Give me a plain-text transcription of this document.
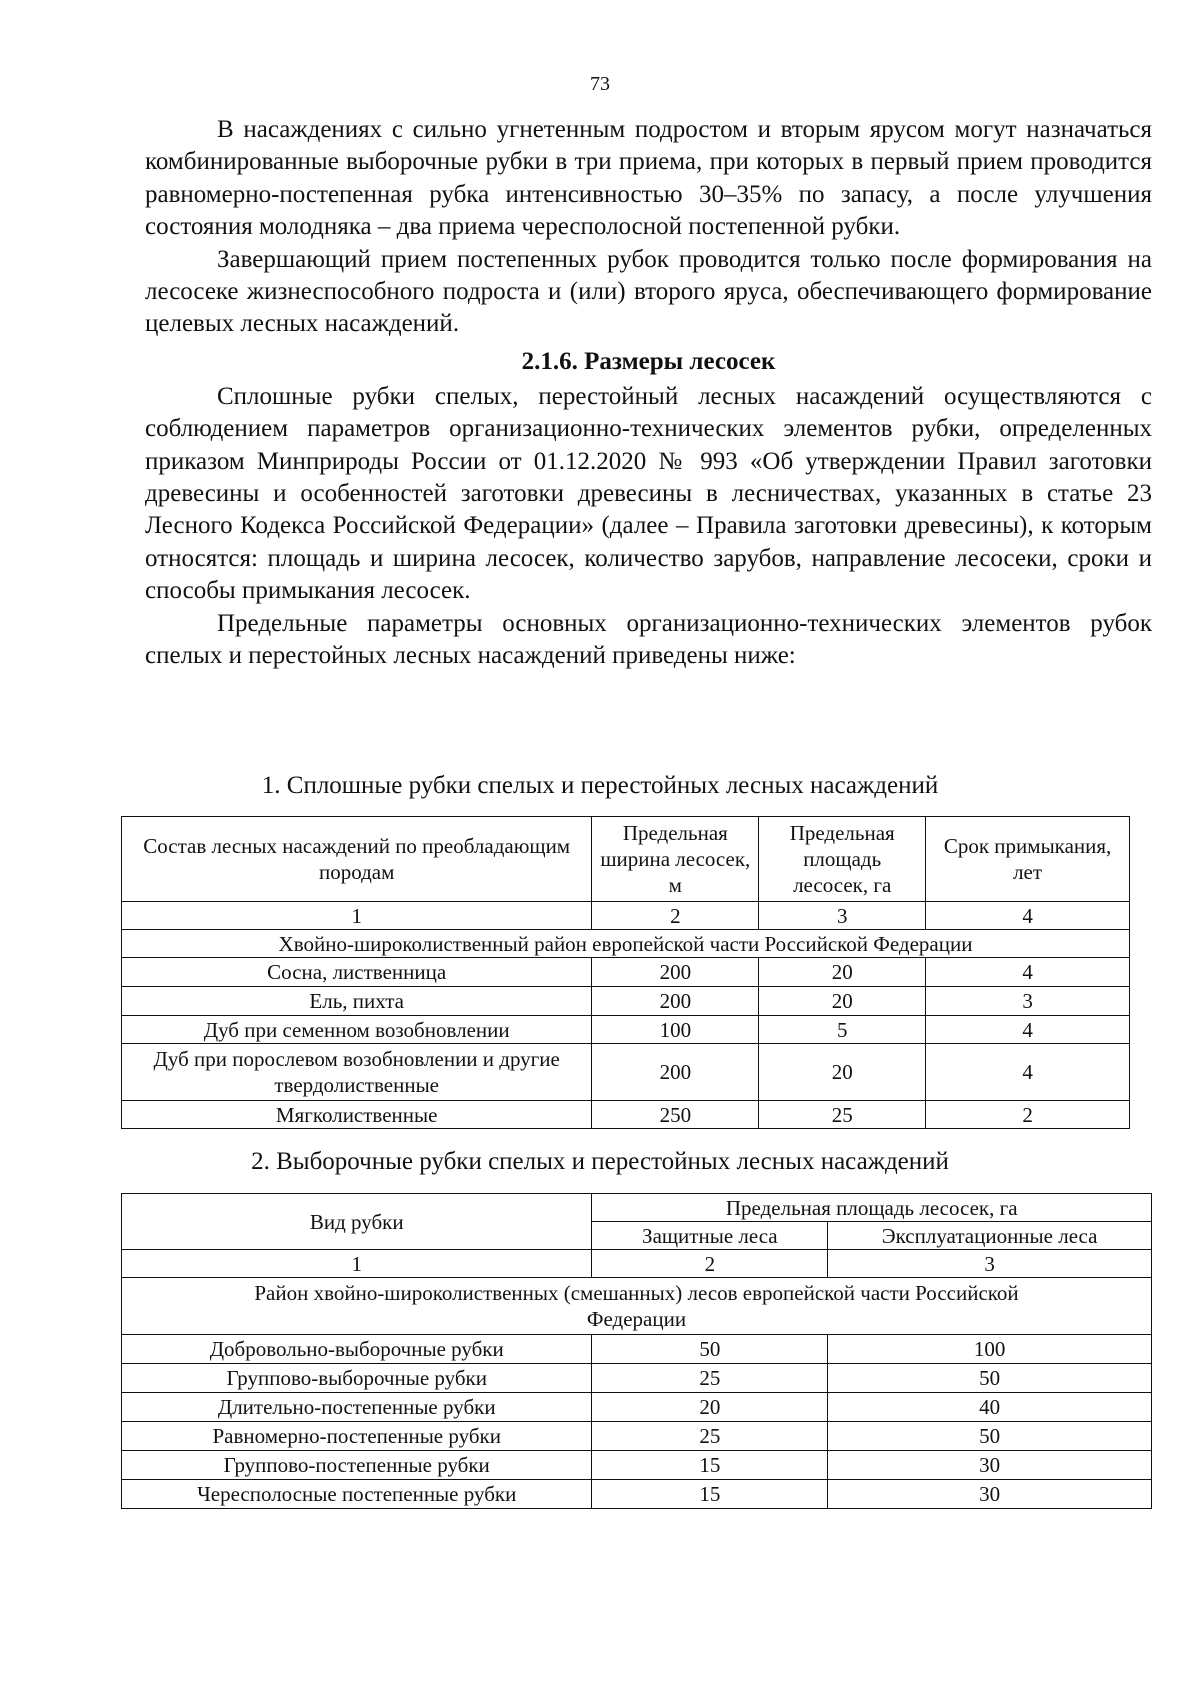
73

В насаждениях с сильно угнетенным подростом и вторым ярусом могут назначаться комбинированные выборочные рубки в три приема, при которых в первый прием проводится равномерно-постепенная рубка интенсивностью 30–35% по запасу, а после улучшения состояния молодняка – два приема чересполосной постепенной рубки.

Завершающий прием постепенных рубок проводится только после формирования на лесосеке жизнеспособного подроста и (или) второго яруса, обеспечивающего формирование целевых лесных насаждений.

2.1.6. Размеры лесосек

Сплошные рубки спелых, перестойный лесных насаждений осуществляются с соблюдением параметров организационно-технических элементов рубки, определенных приказом Минприроды России от 01.12.2020 № 993 «Об утверждении Правил заготовки древесины и особенностей заготовки древесины в лесничествах, указанных в статье 23 Лесного Кодекса Российской Федерации» (далее – Правила заготовки древесины), к которым относятся: площадь и ширина лесосек, количество зарубов, направление лесосеки, сроки и способы примыкания лесосек.

Предельные параметры основных организационно-технических элементов рубок спелых и перестойных лесных насаждений приведены ниже:

1. Сплошные рубки спелых и перестойных лесных насаждений
Состав лесных насаждений по преобладающим породам	Предельная ширина лесосек, м	Предельная площадь лесосек, га	Срок примыкания, лет
1	2	3	4
Хвойно-широколиственный район европейской части Российской Федерации			
Сосна, лиственница	200	20	4
Ель, пихта	200	20	3
Дуб при семенном возобновлении	100	5	4
Дуб при порослевом возобновлении и другие твердолиственные	200	20	4
Мягколиственные	250	25	2
2. Выборочные рубки спелых и перестойных лесных насаждений
Вид рубки	Предельная площадь лесосек, га	
	Защитные леса	Эксплуатационные леса
1	2	3
Район хвойно-широколиственных (смешанных) лесов европейской части Российской Федерации		
Добровольно-выборочные рубки	50	100
Группово-выборочные рубки	25	50
Длительно-постепенные рубки	20	40
Равномерно-постепенные рубки	25	50
Группово-постепенные рубки	15	30
Чересполосные постепенные рубки	15	30
